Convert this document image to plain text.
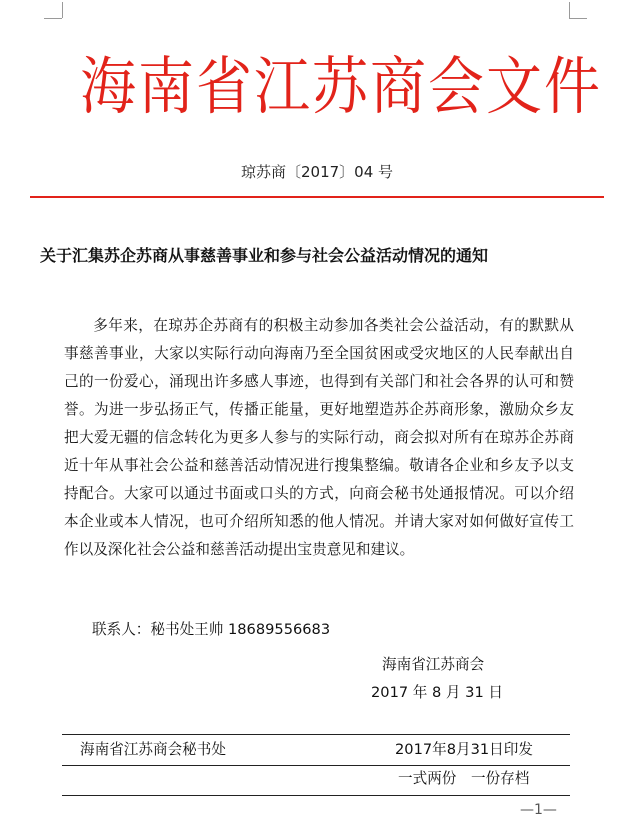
海南省江苏商会文件
琼苏商〔2017〕04 号
关于汇集苏企苏商从事慈善事业和参与社会公益活动情况的通知
多年来，在琼苏企苏商有的积极主动参加各类社会公益活动，有的默默从事慈善事业，大家以实际行动向海南乃至全国贫困或受灾地区的人民奉献出自己的一份爱心，涌现出许多感人事迹，也得到有关部门和社会各界的认可和赞誉。为进一步弘扬正气，传播正能量，更好地塑造苏企苏商形象，激励众乡友把大爱无疆的信念转化为更多人参与的实际行动，商会拟对所有在琼苏企苏商近十年从事社会公益和慈善活动情况进行搜集整编。敬请各企业和乡友予以支持配合。大家可以通过书面或口头的方式，向商会秘书处通报情况。可以介绍本企业或本人情况，也可介绍所知悉的他人情况。并请大家对如何做好宣传工作以及深化社会公益和慈善活动提出宝贵意见和建议。
联系人：秘书处王帅 18689556683
海南省江苏商会
2017 年 8 月 31 日
海南省江苏商会秘书处	2017年8月31日印发
一式两份　一份存档
—1—
